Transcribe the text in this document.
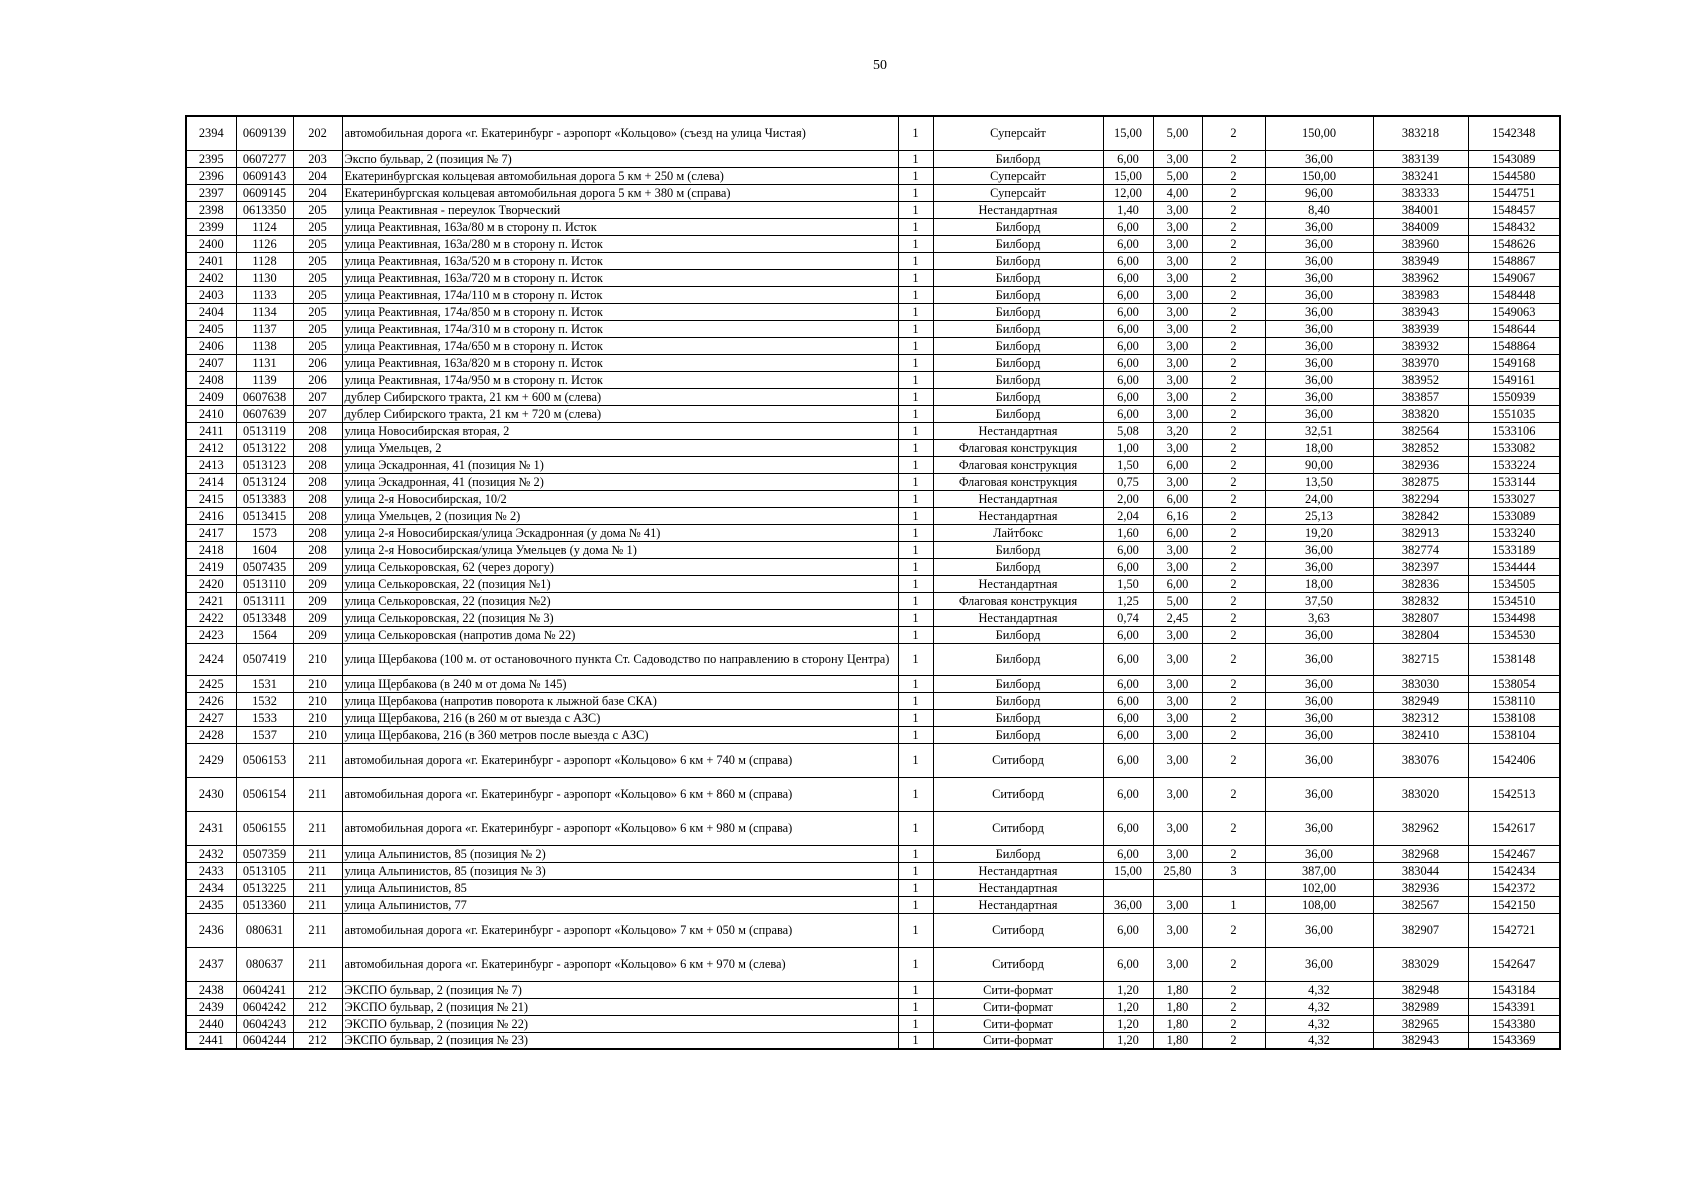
50
2394	0609139	202	автомобильная дорога «г. Екатеринбург - аэропорт «Кольцово» (съезд на улица Чистая)	1	Суперсайт	15,00	5,00	2	150,00	383218	1542348
2395	0607277	203	Экспо бульвар, 2 (позиция № 7)	1	Билборд	6,00	3,00	2	36,00	383139	1543089
2396	0609143	204	Екатеринбургская кольцевая автомобильная дорога 5 км + 250 м (слева)	1	Суперсайт	15,00	5,00	2	150,00	383241	1544580
2397	0609145	204	Екатеринбургская кольцевая автомобильная дорога 5 км + 380 м (справа)	1	Суперсайт	12,00	4,00	2	96,00	383333	1544751
2398	0613350	205	улица Реактивная - переулок Творческий	1	Нестандартная	1,40	3,00	2	8,40	384001	1548457
2399	1124	205	улица Реактивная, 163а/80 м в сторону п. Исток	1	Билборд	6,00	3,00	2	36,00	384009	1548432
2400	1126	205	улица Реактивная, 163а/280 м в сторону п. Исток	1	Билборд	6,00	3,00	2	36,00	383960	1548626
2401	1128	205	улица Реактивная, 163а/520 м в сторону п. Исток	1	Билборд	6,00	3,00	2	36,00	383949	1548867
2402	1130	205	улица Реактивная, 163а/720 м в сторону п. Исток	1	Билборд	6,00	3,00	2	36,00	383962	1549067
2403	1133	205	улица Реактивная, 174а/110 м в сторону п. Исток	1	Билборд	6,00	3,00	2	36,00	383983	1548448
2404	1134	205	улица Реактивная, 174а/850 м в сторону п. Исток	1	Билборд	6,00	3,00	2	36,00	383943	1549063
2405	1137	205	улица Реактивная, 174а/310 м в сторону п. Исток	1	Билборд	6,00	3,00	2	36,00	383939	1548644
2406	1138	205	улица Реактивная, 174а/650 м в сторону п. Исток	1	Билборд	6,00	3,00	2	36,00	383932	1548864
2407	1131	206	улица Реактивная, 163а/820 м в сторону п. Исток	1	Билборд	6,00	3,00	2	36,00	383970	1549168
2408	1139	206	улица Реактивная, 174а/950 м в сторону п. Исток	1	Билборд	6,00	3,00	2	36,00	383952	1549161
2409	0607638	207	дублер Сибирского тракта, 21 км + 600 м (слева)	1	Билборд	6,00	3,00	2	36,00	383857	1550939
2410	0607639	207	дублер Сибирского тракта, 21 км + 720 м (слева)	1	Билборд	6,00	3,00	2	36,00	383820	1551035
2411	0513119	208	улица Новосибирская вторая, 2	1	Нестандартная	5,08	3,20	2	32,51	382564	1533106
2412	0513122	208	улица Умельцев, 2	1	Флаговая конструкция	1,00	3,00	2	18,00	382852	1533082
2413	0513123	208	улица Эскадронная, 41 (позиция № 1)	1	Флаговая конструкция	1,50	6,00	2	90,00	382936	1533224
2414	0513124	208	улица Эскадронная, 41 (позиция № 2)	1	Флаговая конструкция	0,75	3,00	2	13,50	382875	1533144
2415	0513383	208	улица 2-я Новосибирская, 10/2	1	Нестандартная	2,00	6,00	2	24,00	382294	1533027
2416	0513415	208	улица Умельцев, 2 (позиция № 2)	1	Нестандартная	2,04	6,16	2	25,13	382842	1533089
2417	1573	208	улица 2-я Новосибирская/улица Эскадронная (у дома № 41)	1	Лайтбокс	1,60	6,00	2	19,20	382913	1533240
2418	1604	208	улица 2-я Новосибирская/улица Умельцев (у дома № 1)	1	Билборд	6,00	3,00	2	36,00	382774	1533189
2419	0507435	209	улица Селькоровская, 62 (через дорогу)	1	Билборд	6,00	3,00	2	36,00	382397	1534444
2420	0513110	209	улица Селькоровская, 22 (позиция №1)	1	Нестандартная	1,50	6,00	2	18,00	382836	1534505
2421	0513111	209	улица Селькоровская, 22 (позиция №2)	1	Флаговая конструкция	1,25	5,00	2	37,50	382832	1534510
2422	0513348	209	улица Селькоровская, 22 (позиция № 3)	1	Нестандартная	0,74	2,45	2	3,63	382807	1534498
2423	1564	209	улица Селькоровская (напротив дома № 22)	1	Билборд	6,00	3,00	2	36,00	382804	1534530
2424	0507419	210	улица Щербакова (100 м. от остановочного пункта Ст. Садоводство по направлению в сторону Центра)	1	Билборд	6,00	3,00	2	36,00	382715	1538148
2425	1531	210	улица Щербакова (в 240 м от дома № 145)	1	Билборд	6,00	3,00	2	36,00	383030	1538054
2426	1532	210	улица Щербакова (напротив поворота к лыжной базе СКА)	1	Билборд	6,00	3,00	2	36,00	382949	1538110
2427	1533	210	улица Щербакова, 216 (в 260 м от выезда с АЗС)	1	Билборд	6,00	3,00	2	36,00	382312	1538108
2428	1537	210	улица Щербакова, 216 (в 360 метров после выезда с АЗС)	1	Билборд	6,00	3,00	2	36,00	382410	1538104
2429	0506153	211	автомобильная дорога «г. Екатеринбург - аэропорт «Кольцово» 6 км + 740 м (справа)	1	Ситиборд	6,00	3,00	2	36,00	383076	1542406
2430	0506154	211	автомобильная дорога «г. Екатеринбург - аэропорт «Кольцово» 6 км + 860 м (справа)	1	Ситиборд	6,00	3,00	2	36,00	383020	1542513
2431	0506155	211	автомобильная дорога «г. Екатеринбург - аэропорт «Кольцово» 6 км + 980 м (справа)	1	Ситиборд	6,00	3,00	2	36,00	382962	1542617
2432	0507359	211	улица Альпинистов, 85 (позиция № 2)	1	Билборд	6,00	3,00	2	36,00	382968	1542467
2433	0513105	211	улица Альпинистов, 85 (позиция № 3)	1	Нестандартная	15,00	25,80	3	387,00	383044	1542434
2434	0513225	211	улица Альпинистов, 85	1	Нестандартная				102,00	382936	1542372
2435	0513360	211	улица Альпинистов, 77	1	Нестандартная	36,00	3,00	1	108,00	382567	1542150
2436	080631	211	автомобильная дорога «г. Екатеринбург - аэропорт «Кольцово» 7 км + 050 м (справа)	1	Ситиборд	6,00	3,00	2	36,00	382907	1542721
2437	080637	211	автомобильная дорога «г. Екатеринбург - аэропорт «Кольцово» 6 км + 970 м (слева)	1	Ситиборд	6,00	3,00	2	36,00	383029	1542647
2438	0604241	212	ЭКСПО бульвар, 2 (позиция № 7)	1	Сити-формат	1,20	1,80	2	4,32	382948	1543184
2439	0604242	212	ЭКСПО бульвар, 2 (позиция № 21)	1	Сити-формат	1,20	1,80	2	4,32	382989	1543391
2440	0604243	212	ЭКСПО бульвар, 2 (позиция № 22)	1	Сити-формат	1,20	1,80	2	4,32	382965	1543380
2441	0604244	212	ЭКСПО бульвар, 2 (позиция № 23)	1	Сити-формат	1,20	1,80	2	4,32	382943	1543369
